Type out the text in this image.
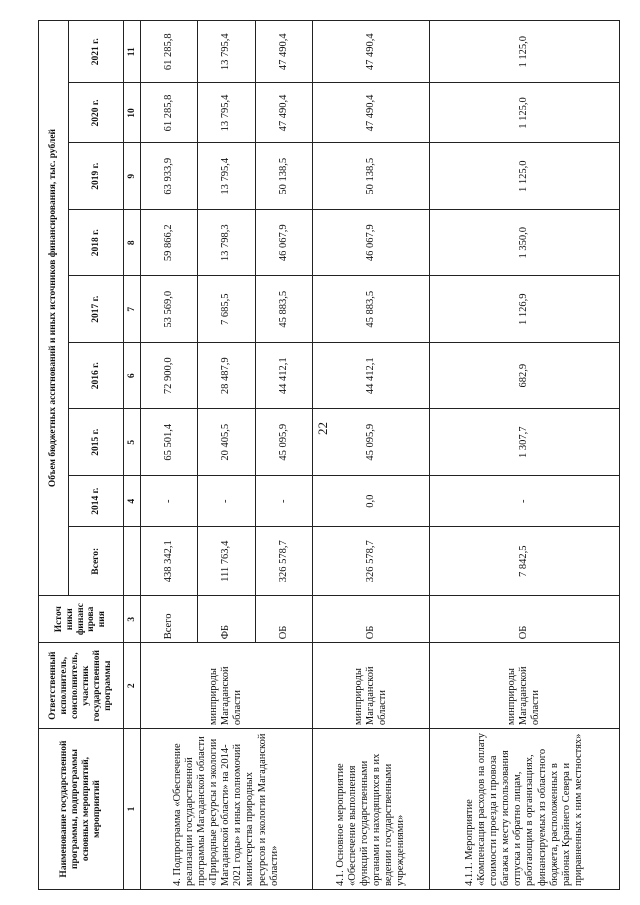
22
Наименование государственной программы, подпрограммы основных мероприятий, мероприятий	Ответственный исполнитель, соисполнитель, участник государственной программы	Источ ники финанс ирова ния	Объем бюджетных ассигнований и иных источников финансирования, тыс. рублей								
			Всего:	2014 г.	2015 г.	2016 г.	2017 г.	2018 г.	2019 г.	2020 г.	2021 г.
1	2	3		4	5	6	7	8	9	10	11
4. Подпрограмма «Обеспечение реализации государственной программы Магаданской области «Природные ресурсы и экологии Магаданской области» на 2014-2021 годы» и иных полномочий министерства природных ресурсов и экологии Магаданской области»	минприроды Магаданской области	Всего	438 342,1	-	65 501,4	72 900,0	53 569,0	59 866,2	63 933,9	61 285,8	61 285,8
		ФБ	111 763,4	-	20 405,5	28 487,9	7 685,5	13 798,3	13 795,4	13 795,4	13 795,4
		ОБ	326 578,7	-	45 095,9	44 412,1	45 883,5	46 067,9	50 138,5	47 490,4	47 490,4
4.1. Основное мероприятие «Обеспечение выполнения функций государственными органами и находящихся в их ведении государственными учреждениями»	минприроды Магаданской области	ОБ	326 578,7	0,0	45 095,9	44 412,1	45 883,5	46 067,9	50 138,5	47 490,4	47 490,4
4.1.1. Мероприятие «Компенсация расходов на оплату стоимости проезда и провоза багажа к месту использования отпуска и обратно лицам, работающим в организациях, финансируемых из областного бюджета, расположенных в районах Крайнего Севера и приравненных к ним местностях»	минприроды Магаданской области	ОБ	7 842,5	-	1 307,7	682,9	1 126,9	1 350,0	1 125,0	1 125,0	1 125,0
